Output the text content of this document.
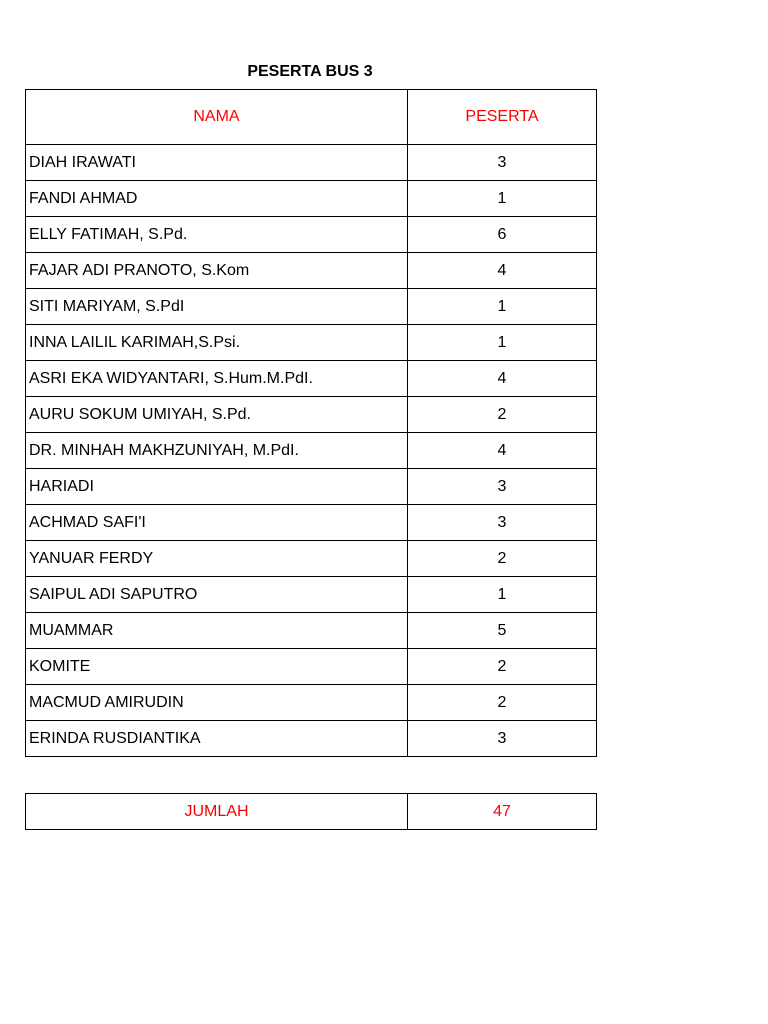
PESERTA BUS 3
NAMA	PESERTA
DIAH IRAWATI	3
FANDI AHMAD	1
ELLY FATIMAH, S.Pd.	6
FAJAR ADI PRANOTO, S.Kom	4
SITI MARIYAM, S.PdI	1
INNA LAILIL KARIMAH,S.Psi.	1
ASRI EKA WIDYANTARI, S.Hum.M.PdI.	4
AURU SOKUM UMIYAH, S.Pd.	2
DR. MINHAH MAKHZUNIYAH, M.PdI.	4
HARIADI	3
ACHMAD SAFI'I	3
YANUAR FERDY	2
SAIPUL ADI SAPUTRO	1
MUAMMAR	5
KOMITE	2
MACMUD AMIRUDIN	2
ERINDA RUSDIANTIKA	3
JUMLAH	47
